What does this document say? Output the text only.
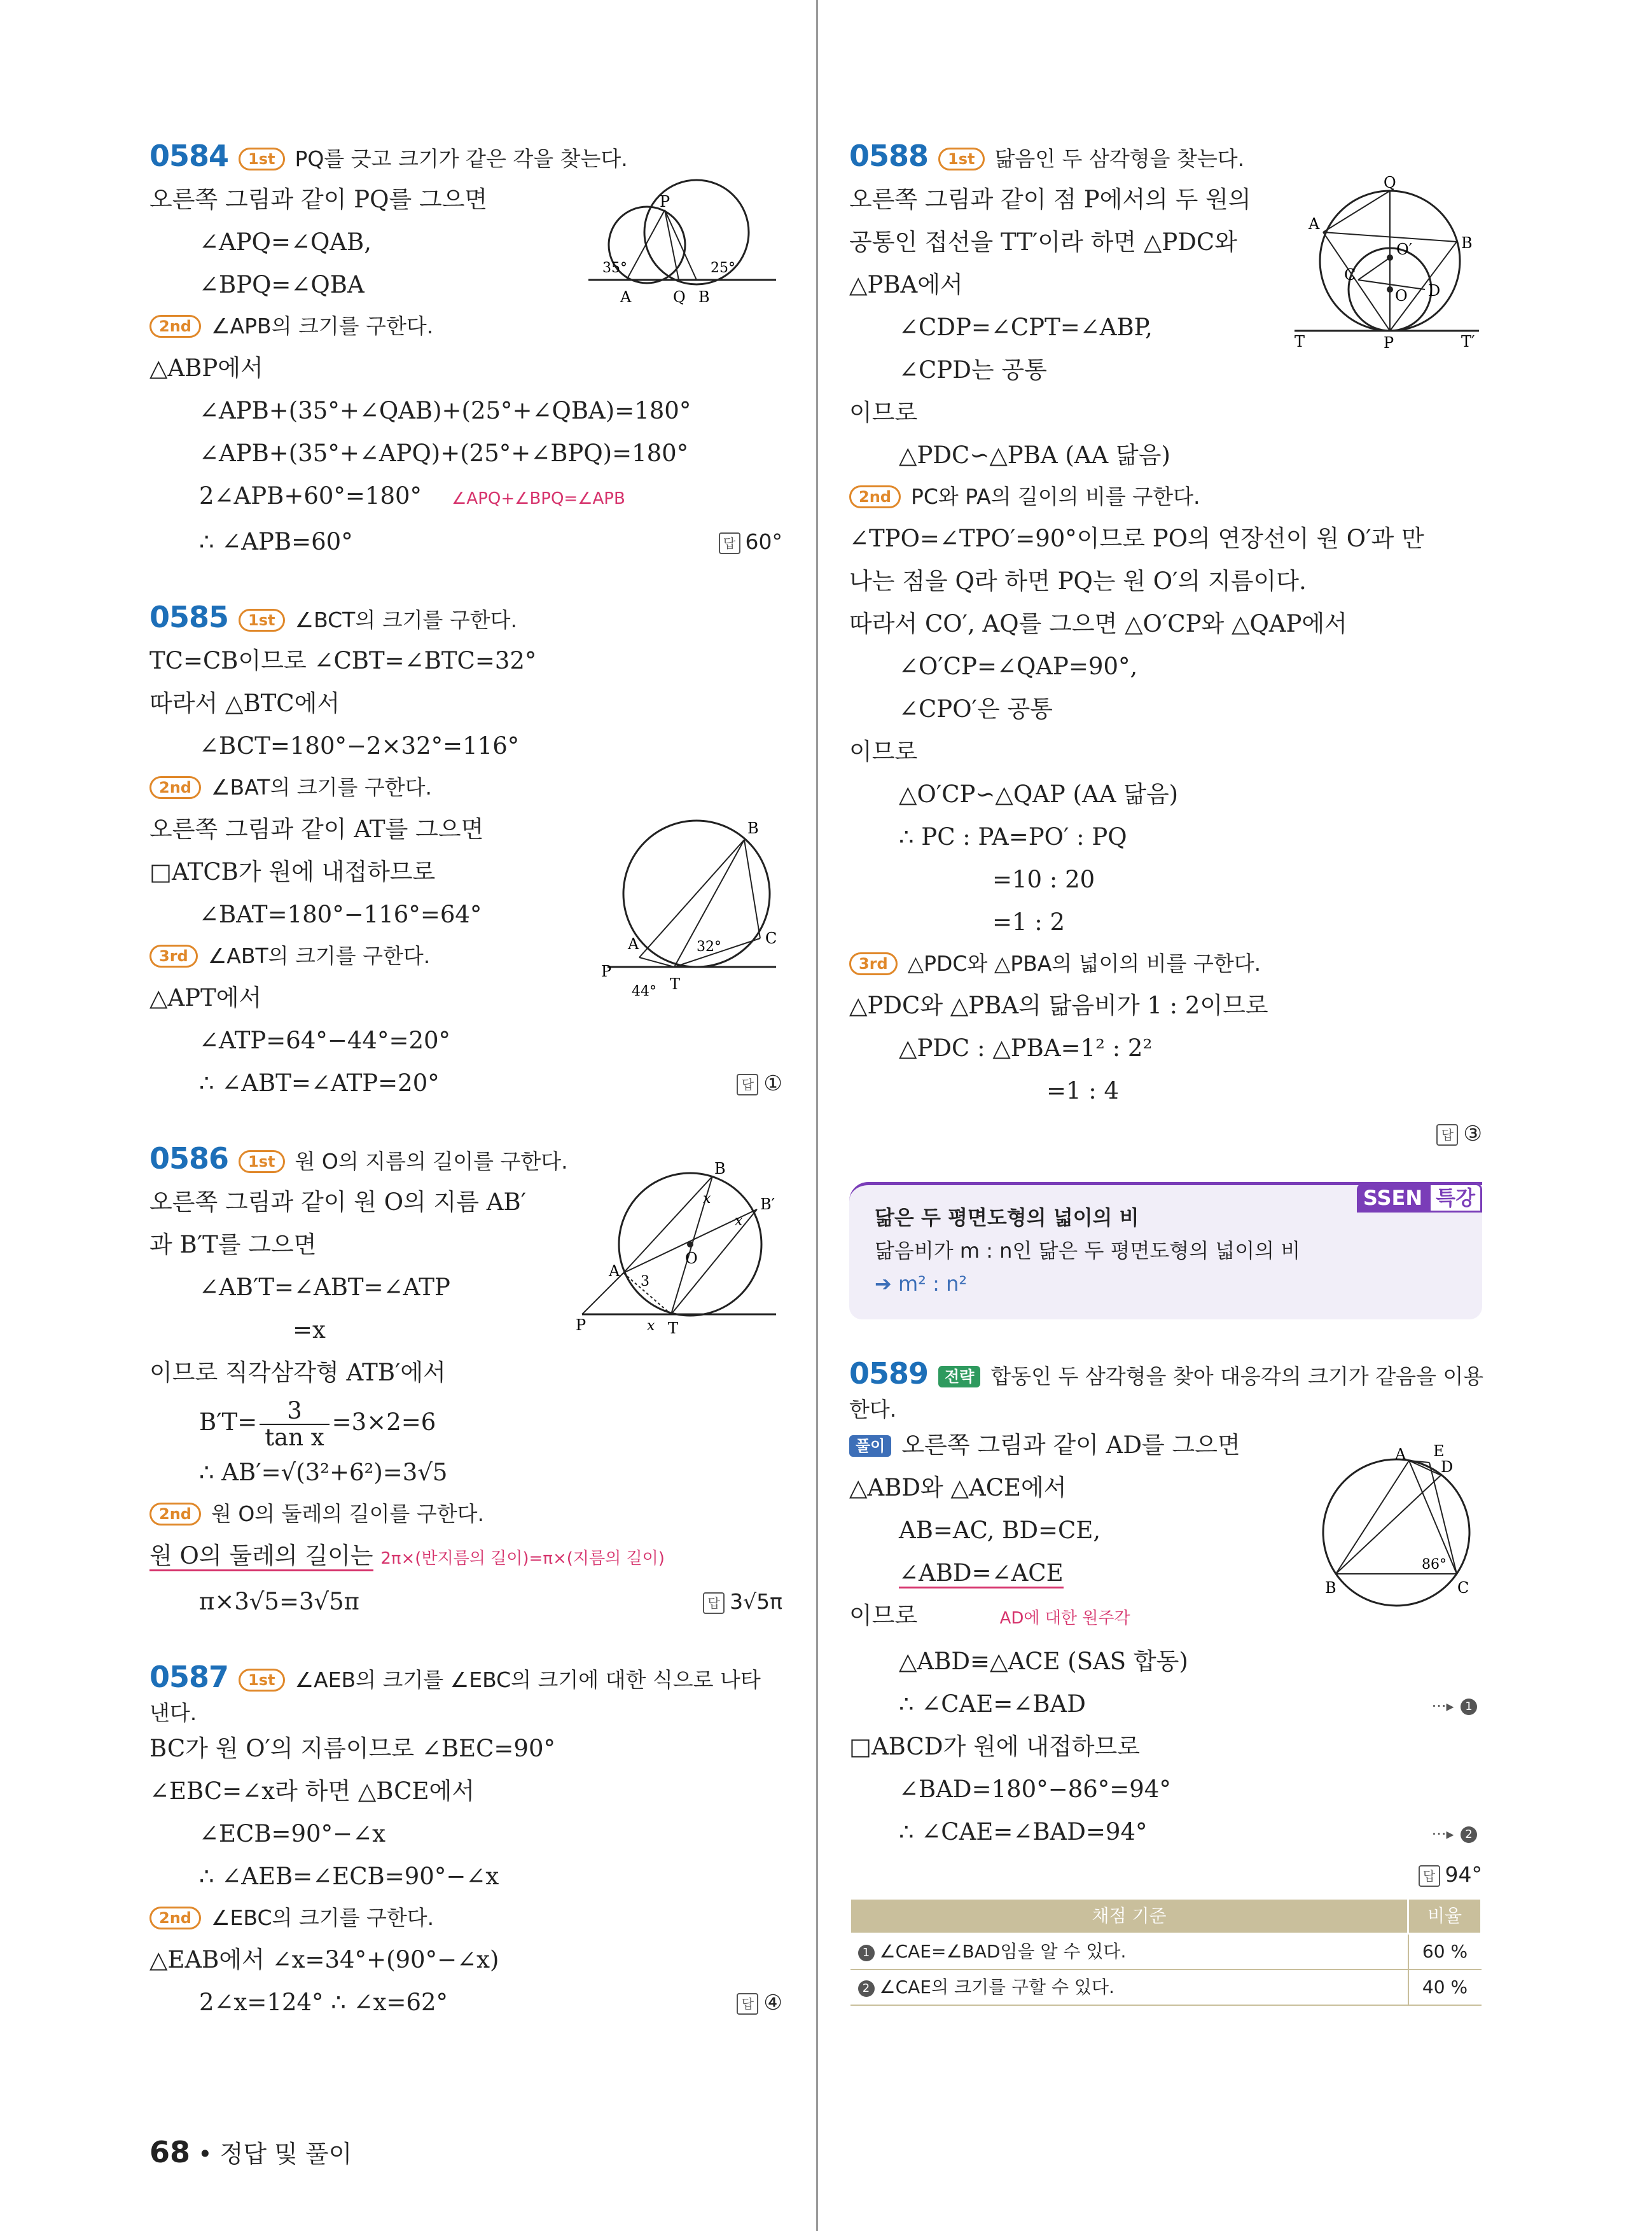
0584 1st PQ를 긋고 크기가 같은 각을 찾는다.
오른쪽 그림과 같이 PQ를 그으면
∠APQ=∠QAB,
∠BPQ=∠QBA
2nd ∠APB의 크기를 구한다.
△ABP에서
∠APB+(35°+∠QAB)+(25°+∠QBA)=180°
∠APB+(35°+∠APQ)+(25°+∠BPQ)=180°
2∠APB+60°=180° ∠APQ+∠BPQ=∠APB
∴ ∠APB=60°	답 60°
P
A	Q B
35°	25°
0585 1st ∠BCT의 크기를 구한다.
TC=CB이므로 ∠CBT=∠BTC=32°
따라서 △BTC에서
∠BCT=180°−2×32°=116°
2nd ∠BAT의 크기를 구한다.
오른쪽 그림과 같이 AT를 그으면
□ATCB가 원에 내접하므로
∠BAT=180°−116°=64°
3rd ∠ABT의 크기를 구한다.
△APT에서
∠ATP=64°−44°=20°
∴ ∠ABT=∠ATP=20°	답 ①
B
A	C
P
T
32°
44°
0586 1st 원 O의 지름의 길이를 구한다.
오른쪽 그림과 같이 원 O의 지름 AB′
과 B′T를 그으면
∠AB′T=∠ABT=∠ATP
=x
이므로 직각삼각형 ATB′에서
$B'T= \frac{3}{\text{tan x}} =3\times 2=6$
∴ AB′=√(3²+6²)=3√5
2nd 원 O의 둘레의 길이를 구한다.
원 O의 둘레의 길이는 2π×(반지름의 길이)=π×(지름의 길이)
π×3√5=3√5π	답 3√5π
B
B′
A
O
P	T
x
x
x
3
0587 1st ∠AEB의 크기를 ∠EBC의 크기에 대한 식으로 나타
낸다.
BC가 원 O′의 지름이므로 ∠BEC=90°
∠EBC=∠x라 하면 △BCE에서
∠ECB=90°−∠x
∴ ∠AEB=∠ECB=90°−∠x
2nd ∠EBC의 크기를 구한다.
△EAB에서 ∠x=34°+(90°−∠x)
2∠x=124° ∴ ∠x=62°	답 ④
0588 1st 닮음인 두 삼각형을 찾는다.
오른쪽 그림과 같이 점 P에서의 두 원의
공통인 접선을 TT′이라 하면 △PDC와
△PBA에서
∠CDP=∠CPT=∠ABP,
∠CPD는 공통
이므로
△PDC∽△PBA (AA 닮음)
2nd PC와 PA의 길이의 비를 구한다.
∠TPO=∠TPO′=90°이므로 PO의 연장선이 원 O′과 만
나는 점을 Q라 하면 PQ는 원 O′의 지름이다.
따라서 CO′, AQ를 그으면 △O′CP와 △QAP에서
∠O′CP=∠QAP=90°,
∠CPO′은 공통
이므로
△O′CP∽△QAP (AA 닮음)
∴ PC : PA=PO′ : PQ
=10 : 20
=1 : 2
3rd △PDC와 △PBA의 넓이의 비를 구한다.
△PDC와 △PBA의 닮음비가 1 : 2이므로
△PDC : △PBA=1² : 2²
=1 : 4
답 ③
Q
A
B
O′
C
O D
T	P	T′
SSEN 특강
닮은 두 평면도형의 넓이의 비
닮음비가 m : n인 닮은 두 평면도형의 넓이의 비
➔ m² : n²
0589 전략 합동인 두 삼각형을 찾아 대응각의 크기가 같음을 이용
한다.
풀이 오른쪽 그림과 같이 AD를 그으면
△ABD와 △ACE에서
AB=AC, BD=CE,
∠ABD=∠ACE
이므로	AD에 대한 원주각
△ABD≡△ACE (SAS 합동)
∴ ∠CAE=∠BAD	···▸ 1
□ABCD가 원에 내접하므로
∠BAD=180°−86°=94°
∴ ∠CAE=∠BAD=94°	···▸ 2
답 94°
채점 기준	비율
1 ∠CAE=∠BAD임을 알 수 있다.	60 %
2 ∠CAE의 크기를 구할 수 있다.	40 %
A E
D
B	C
86°
68 • 정답 및 풀이
